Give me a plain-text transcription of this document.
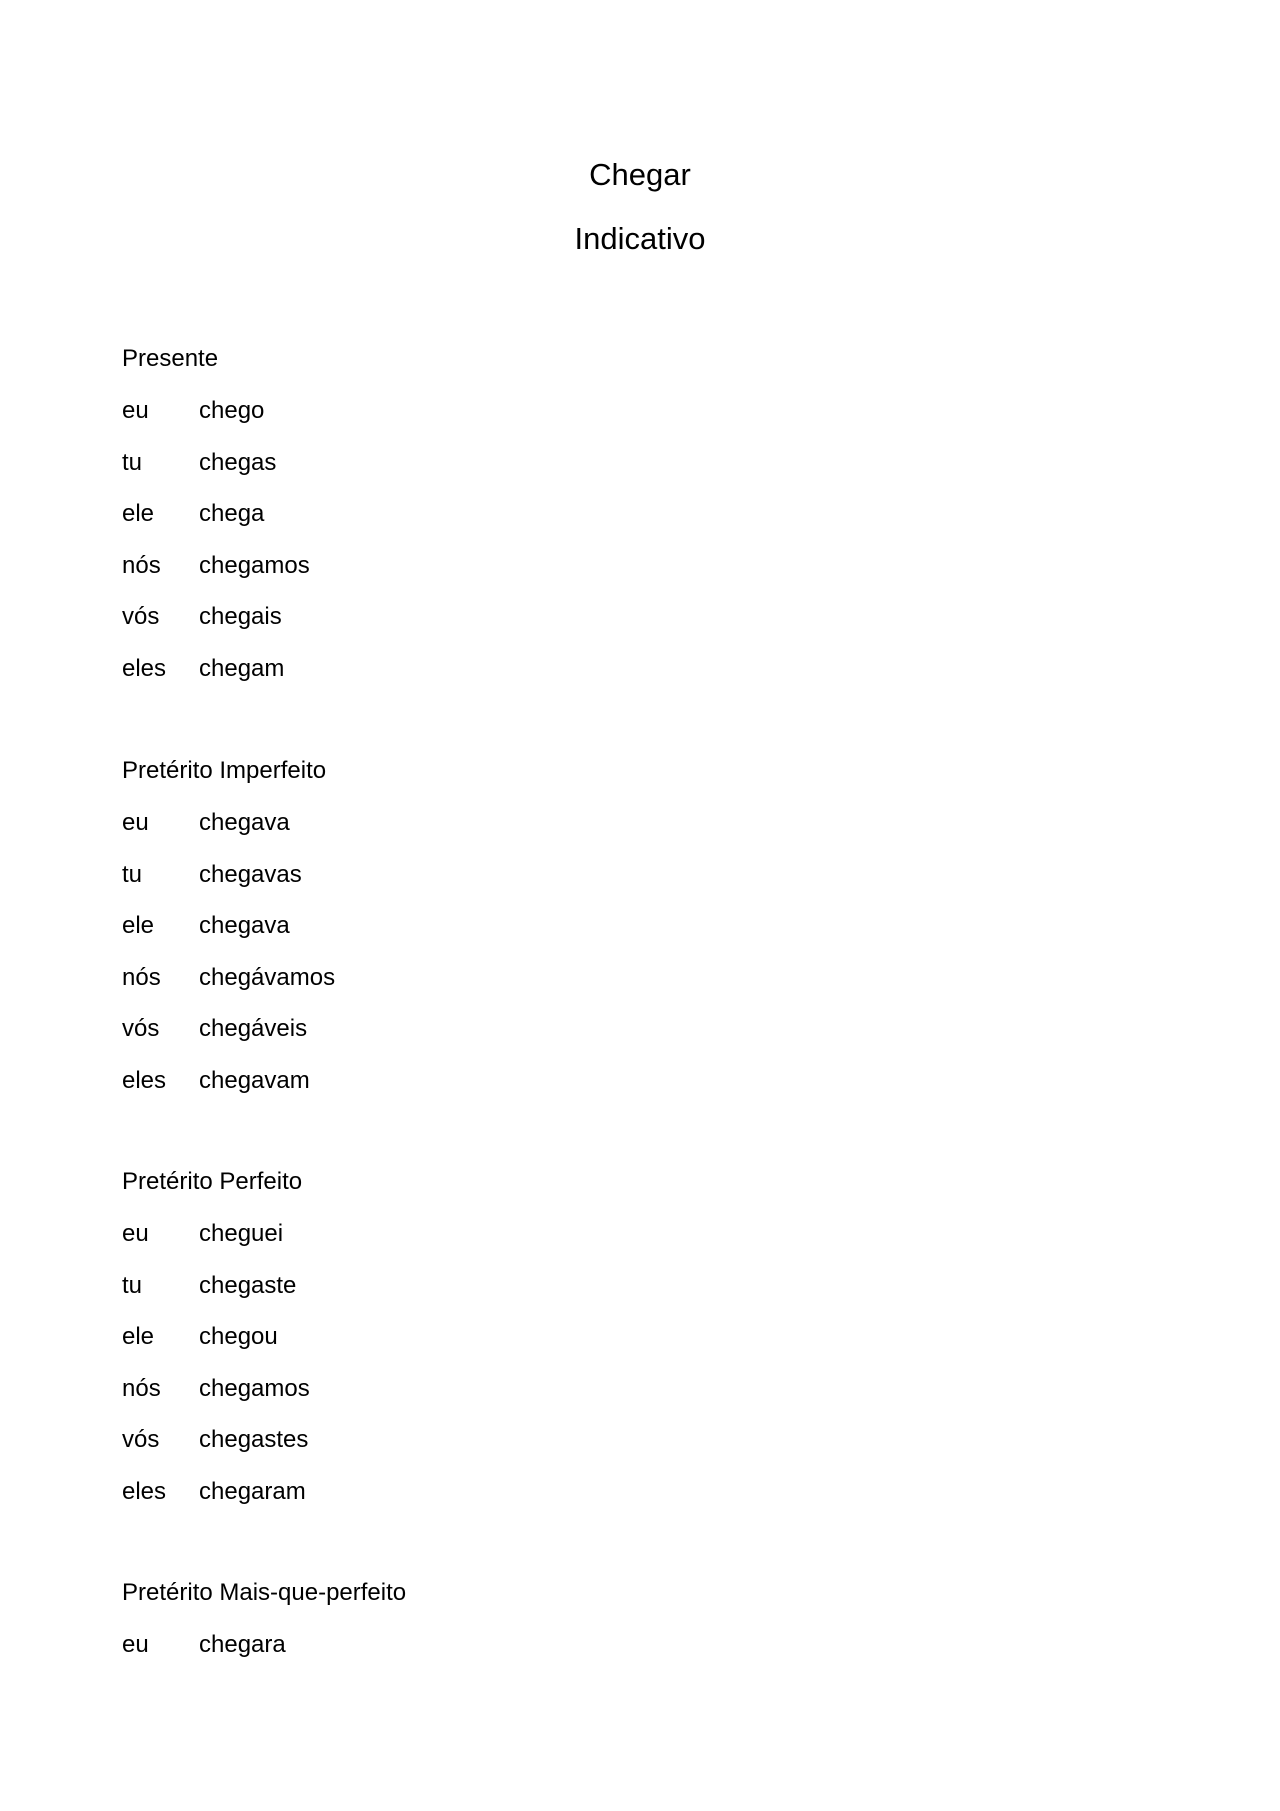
Chegar
Indicativo
Presente
eu	chego
tu	chegas
ele	chega
nós	chegamos
vós	chegais
eles	chegam
Pretérito Imperfeito
eu	chegava
tu	chegavas
ele	chegava
nós	chegávamos
vós	chegáveis
eles	chegavam
Pretérito Perfeito
eu	cheguei
tu	chegaste
ele	chegou
nós	chegamos
vós	chegastes
eles	chegaram
Pretérito Mais-que-perfeito
eu	chegara
